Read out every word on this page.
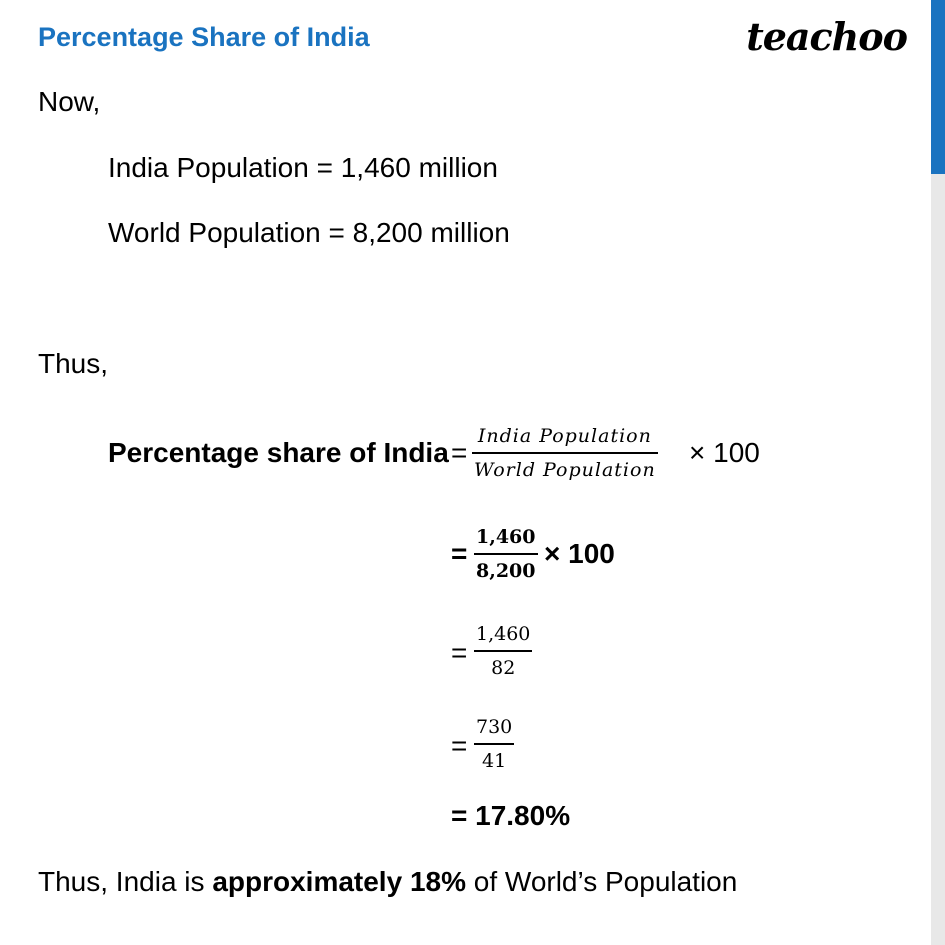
Percentage Share of India	teachoo
Now,
India Population = 1,460 million
World Population = 8,200 million
Thus,
Percentage share of India =
India Population
World Population
× 100
=
1,460
8,200
× 100
=
1,460
82
=
730
41
= 17.80%
Thus, India is approximately 18% of World’s Population
